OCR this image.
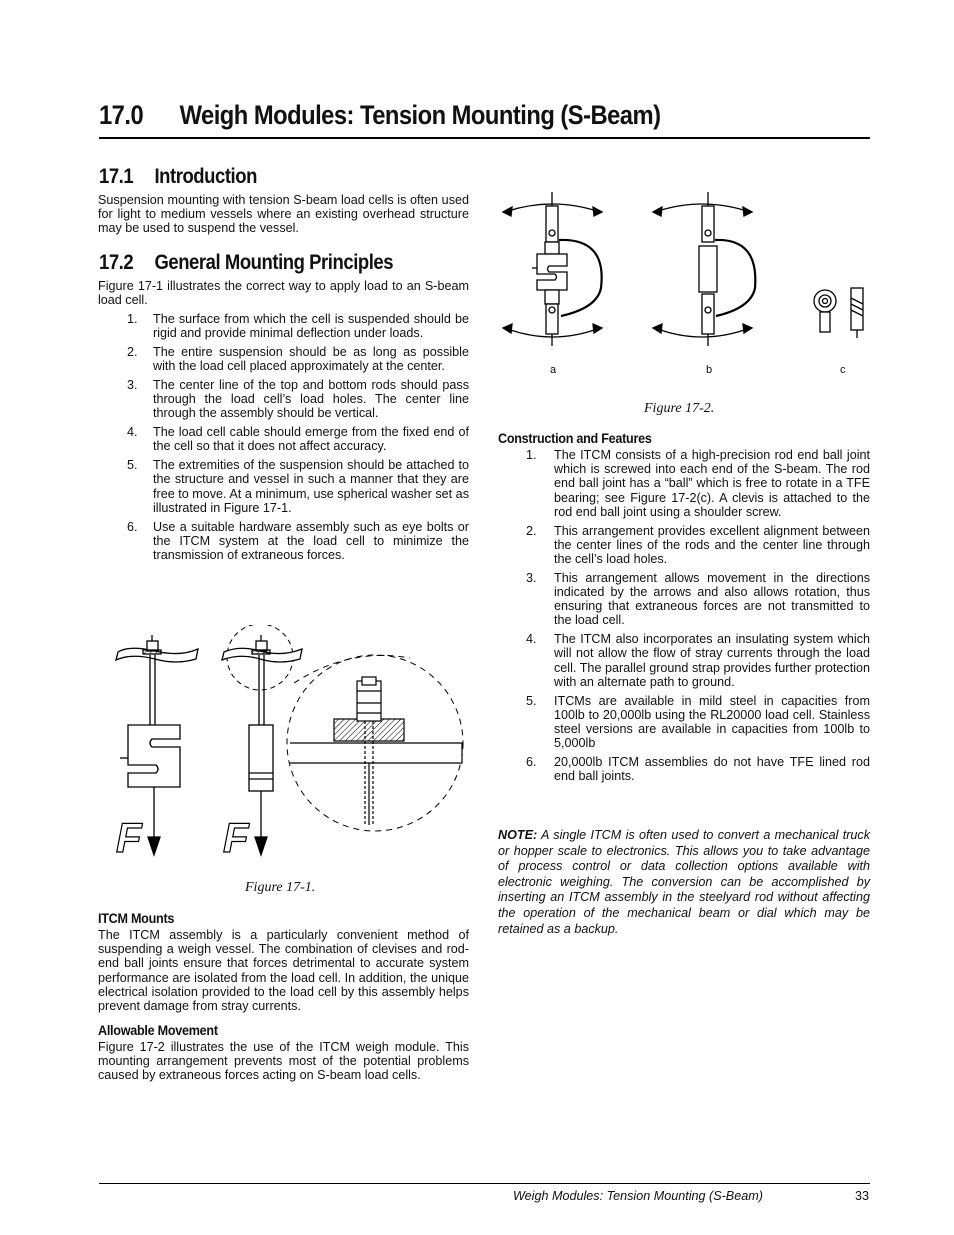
17.0      Weigh Modules: Tension Mounting (S-Beam)
17.1 Introduction

Suspension mounting with tension S-beam load cells is often used for light to medium vessels where an existing overhead structure may be used to suspend the vessel.

17.2 General Mounting Principles

Figure 17-1 illustrates the correct way to apply load to an S-beam load cell.

1. The surface from which the cell is suspended should be rigid and provide minimal deflection under loads.
2. The entire suspension should be as long as possible with the load cell placed approximately at the center.
3. The center line of the top and bottom rods should pass through the load cell’s load holes. The center line through the assembly should be vertical.
4. The load cell cable should emerge from the fixed end of the cell so that it does not affect accuracy.
5. The extremities of the suspension should be attached to the structure and vessel in such a manner that they are free to move. At a minimum, use spherical washer set as illustrated in Figure 17-1.
6. Use a suitable hardware assembly such as eye bolts or the ITCM system at the load cell to minimize the transmission of extraneous forces.
F F
Figure 17-1.
ITCM Mounts

The ITCM assembly is a particularly convenient method of suspending a weigh vessel. The combination of clevises and rod-end ball joints ensure that forces detrimental to accurate system performance are isolated from the load cell. In addition, the unique electrical isolation provided to the load cell by this assembly helps prevent damage from stray currents.

Allowable Movement

Figure 17-2 illustrates the use of the ITCM weigh module. This mounting arrangement prevents most of the potential problems caused by extraneous forces acting on S-beam load cells.

a	b	c
Figure 17-2.
Construction and Features
1. The ITCM consists of a high-precision rod end ball joint which is screwed into each end of the S-beam. The rod end ball joint has a “ball” which is free to rotate in a TFE bearing; see Figure 17-2(c). A clevis is attached to the rod end ball joint using a shoulder screw.
2. This arrangement provides excellent alignment between the center lines of the rods and the center line through the cell’s load holes.
3. This arrangement allows movement in the directions indicated by the arrows and also allows rotation, thus ensuring that extraneous forces are not transmitted to the load cell.
4. The ITCM also incorporates an insulating system which will not allow the flow of stray currents through the load cell. The parallel ground strap provides further protection with an alternate path to ground.
5. ITCMs are available in mild steel in capacities from 100lb to 20,000lb using the RL20000 load cell. Stainless steel versions are available in capacities from 100lb to 5,000lb
6. 20,000lb ITCM assemblies do not have TFE lined rod end ball joints.

NOTE: A single ITCM is often used to convert a mechanical truck or hopper scale to electronics. This allows you to take advantage of process control or data collection options available with electronic weighing. The conversion can be accomplished by inserting an ITCM assembly in the steelyard rod without affecting the operation of the mechanical beam or dial which may be retained as a backup.

Weigh Modules: Tension Mounting (S-Beam)	33
